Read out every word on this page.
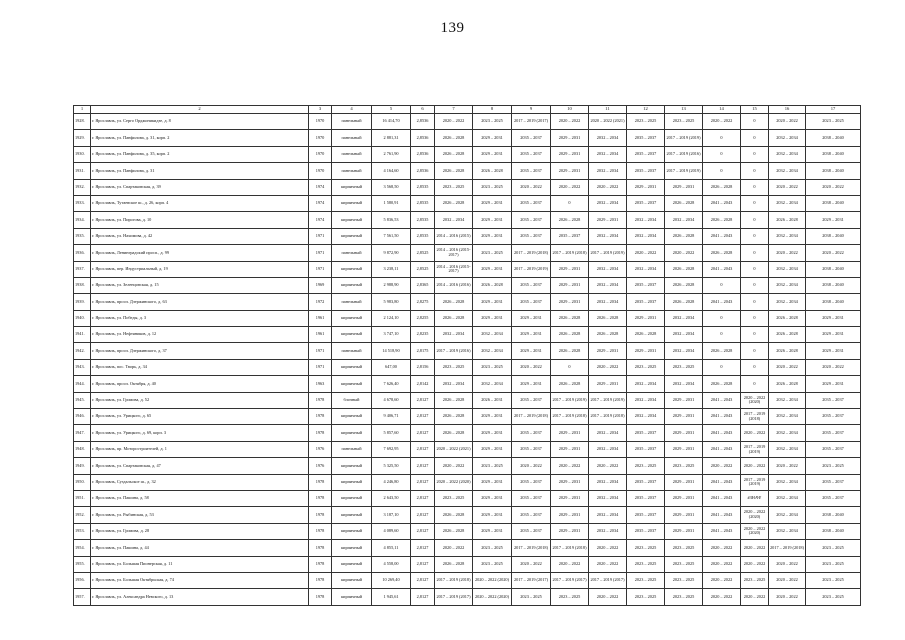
139
1	2	3	4	5	6	7	8	9	10	11	12	13	14	15	16	17
1928.	г. Ярославль, ул. Серго Орджоникидзе, д. 8	1970	панельный	16 414,70	2,8536	2020 – 2022	2023 – 2025	2017 – 2019 (2017)	2020 – 2022	2020 – 2022 (2021)	2023 – 2025	2023 – 2025	2020 – 2022	0	2020 – 2022	2023 – 2025
1929.	г. Ярославль, ул. Панфилова, д. 31, корп. 2	1970	панельный	2 881,31	2,8536	2026 – 2028	2029 – 2031	2035 – 2037	2029 – 2031	2032 – 2034	2035 – 2037	2017 – 2019 (2019)	0	0	2032 – 2034	2038 – 2040
1930.	г. Ярославль, ул. Панфилова, д. 35, корп. 2	1970	панельный	2 761,90	2,8536	2026 – 2028	2029 – 2031	2035 – 2037	2029 – 2031	2032 – 2034	2035 – 2037	2017 – 2019 (2016)	0	0	2032 – 2034	2038 – 2040
1931.	г. Ярославль, ул. Панфилова, д. 31	1970	панельный	4 164,60	2,8536	2026 – 2028	2026 – 2028	2035 – 2037	2029 – 2031	2032 – 2034	2035 – 2037	2017 – 2019 (2019)	0	0	2032 – 2034	2038 – 2040
1932.	г. Ярославль, ул. Спартаковская, д. 39	1974	кирпичный	3 568,50	2,8535	2023 – 2025	2023 – 2025	2020 – 2022	2020 – 2022	2020 – 2022	2029 – 2031	2029 – 2031	2026 – 2028	0	2020 – 2022	2020 – 2022
1933.	г. Ярославль, Тутаевское ш., д. 26, корп. 4	1974	кирпичный	1 580,91	2,8535	2026 – 2028	2029 – 2031	2035 – 2037	0	2032 – 2034	2035 – 2037	2026 – 2028	2041 – 2043	0	2032 – 2034	2038 – 2040
1934.	г. Ярославль, ул. Пирогова, д. 10	1974	кирпичный	5 836,53	2,8535	2032 – 2034	2029 – 2031	2035 – 2037	2026 – 2028	2029 – 2031	2032 – 2034	2032 – 2034	2026 – 2028	0	2026 – 2028	2029 – 2031
1935.	г. Ярославль, ул. Нахимова, д. 42	1971	кирпичный	7 561,50	2,8535	2014 – 2016 (2015)	2029 – 2031	2035 – 2037	2035 – 2037	2032 – 2034	2032 – 2034	2026 – 2028	2041 – 2043	0	2032 – 2034	2038 – 2040
1936.	г. Ярославль, Ленинградский просп., д. 99	1971	панельный	9 872,90	2,8525	2014 – 2016 (2015-2017)	2023 – 2025	2017 – 2019 (2018)	2017 – 2019 (2018)	2017 – 2019 (2019)	2020 – 2022	2020 – 2022	2026 – 2028	0	2020 – 2022	2020 – 2022
1937.	г. Ярославль, пер. Индустриальный, д. 19	1971	кирпичный	3 238,11	2,8525	2014 – 2016 (2015-2017)	2029 – 2031	2017 – 2019 (2019)	2029 – 2031	2032 – 2034	2032 – 2034	2026 – 2028	2041 – 2043	0	2032 – 2034	2038 – 2040
1938.	г. Ярославль, ул. Зеленцовская, д. 15	1969	кирпичный	2 988,90	2,8365	2014 – 2016 (2016)	2026 – 2028	2035 – 2037	2029 – 2031	2032 – 2034	2035 – 2037	2026 – 2028	0	0	2032 – 2034	2038 – 2040
1939.	г. Ярославль, просп. Дзержинского, д. 63	1972	панельный	5 983,80	2,8275	2026 – 2028	2029 – 2031	2035 – 2037	2029 – 2031	2032 – 2034	2035 – 2037	2026 – 2028	2041 – 2043	0	2032 – 2034	2038 – 2040
1940.	г. Ярославль, ул. Победы, д. 3	1961	кирпичный	2 124,10	2,8255	2026 – 2028	2029 – 2031	2029 – 2031	2026 – 2028	2026 – 2028	2029 – 2031	2032 – 2034	0	0	2026 – 2028	2029 – 2031
1941.	г. Ярославль, ул. Нефтяников, д. 12	1961	кирпичный	3 747,10	2,8235	2032 – 2034	2032 – 2034	2029 – 2031	2026 – 2028	2026 – 2028	2026 – 2028	2032 – 2034	0	0	2026 – 2028	2029 – 2031
1942.	г. Ярославль, просп. Дзержинского, д. 37	1971	панельный	14 518,90	2,8175	2017 – 2019 (2016)	2032 – 2034	2029 – 2031	2026 – 2028	2029 – 2031	2029 – 2031	2032 – 2034	2026 – 2028	0	2026 – 2028	2029 – 2031
1943.	г. Ярославль, пос. Творь, д. 34	1971	кирпичный	647,00	2,8156	2023 – 2025	2023 – 2025	2020 – 2022	0	2020 – 2022	2023 – 2025	2023 – 2025	0	0	2020 – 2022	2020 – 2022
1944.	г. Ярославль, просп. Октября, д. 40	1963	кирпичный	7 626,40	2,8142	2032 – 2034	2032 – 2034	2029 – 2031	2026 – 2028	2029 – 2031	2032 – 2034	2032 – 2034	2026 – 2028	0	2026 – 2028	2029 – 2031
1945.	г. Ярославль, ул. Громова, д. 52	1978	блочный	4 678,60	2,8127	2026 – 2028	2026 – 2031	2035 – 2037	2017 – 2019 (2019)	2017 – 2019 (2019)	2032 – 2034	2029 – 2031	2041 – 2043	2020 – 2022 (2020)	2032 – 2034	2035 – 2037
1946.	г. Ярославль, ул. Урицкого, д. 65	1978	кирпичный	9 406,71	2,8127	2026 – 2028	2029 – 2031	2017 – 2019 (2018)	2017 – 2019 (2018)	2017 – 2019 (2018)	2032 – 2034	2029 – 2031	2041 – 2043	2017 – 2019 (2018)	2032 – 2034	2035 – 2037
1947.	г. Ярославль, ул. Урицкого, д. 69, корп. 3	1978	кирпичный	5 857,60	2,8127	2026 – 2028	2029 – 2031	2035 – 2037	2029 – 2031	2032 – 2034	2035 – 2037	2029 – 2031	2041 – 2043	2020 – 2022	2032 – 2034	2035 – 2037
1948.	г. Ярославль, пр. Моторостроителей, д. 1	1976	панельный	7 692,95	2,8127	2020 – 2022 (2021)	2029 – 2031	2035 – 2037	2029 – 2031	2032 – 2034	2035 – 2037	2029 – 2031	2041 – 2043	2017 – 2019 (2019)	2032 – 2034	2035 – 2037
1949.	г. Ярославль, ул. Спартаковская, д. 47	1976	кирпичный	5 325,50	2,8127	2020 – 2022	2023 – 2025	2020 – 2022	2020 – 2022	2020 – 2022	2023 – 2025	2023 – 2025	2020 – 2022	2020 – 2022	2020 – 2022	2023 – 2025
1950.	г. Ярославль, Суздальское ш., д. 32	1978	кирпичный	4 246,80	2,8127	2020 – 2022 (2020)	2029 – 2031	2035 – 2037	2029 – 2031	2032 – 2034	2035 – 2037	2029 – 2031	2041 – 2043	2017 – 2019 (2019)	2032 – 2034	2035 – 2037
1951.	г. Ярославль, ул. Пашина, д. 58	1978	кирпичный	2 643,50	2,8127	2023 – 2025	2029 – 2031	2035 – 2037	2029 – 2031	2032 – 2034	2035 – 2037	2029 – 2031	2041 – 2043	#ЗНАЧ!	2032 – 2034	2035 – 2037
1952.	г. Ярославль, ул. Рыбинская, д. 53	1978	кирпичный	3 187,10	2,8127	2026 – 2028	2029 – 2031	2035 – 2037	2029 – 2031	2032 – 2034	2035 – 2037	2029 – 2031	2041 – 2043	2020 – 2022 (2020)	2032 – 2034	2038 – 2040
1953.	г. Ярославль, ул. Громова, д. 28	1978	кирпичный	4 089,60	2,8127	2026 – 2028	2029 – 2031	2035 – 2037	2029 – 2031	2032 – 2034	2035 – 2037	2029 – 2031	2041 – 2043	2020 – 2022 (2020)	2032 – 2034	2038 – 2040
1954.	г. Ярославль, ул. Пашина, д. 44	1978	кирпичный	4 855,11	2,8127	2020 – 2022	2023 – 2025	2017 – 2019 (2018)	2017 – 2019 (2018)	2020 – 2022	2023 – 2025	2023 – 2025	2020 – 2022	2020 – 2022	2017 – 2019 (2018)	2023 – 2025
1955.	г. Ярославль, ул. Большая Пионерская, д. 11	1978	кирпичный	4 558,00	2,8127	2026 – 2028	2023 – 2025	2020 – 2022	2020 – 2022	2020 – 2022	2023 – 2025	2023 – 2025	2020 – 2022	2020 – 2022	2020 – 2022	2023 – 2025
1956.	г. Ярославль, ул. Большая Октябрьская, д. 74	1978	кирпичный	10 269,40	2,8127	2017 – 2019 (2018)	2020 – 2022 (2020)	2017 – 2019 (2017)	2017 – 2019 (2017)	2017 – 2019 (2017)	2023 – 2025	2023 – 2025	2020 – 2022	2023 – 2025	2020 – 2022	2023 – 2025
1957.	г. Ярославль, ул. Александра Невского, д. 13	1978	кирпичный	1 945,61	2,8127	2017 – 2019 (2017)	2020 – 2022 (2020)	2023 – 2025	2023 – 2025	2020 – 2022	2023 – 2025	2023 – 2025	2020 – 2022	2020 – 2022	2020 – 2022	2023 – 2025
